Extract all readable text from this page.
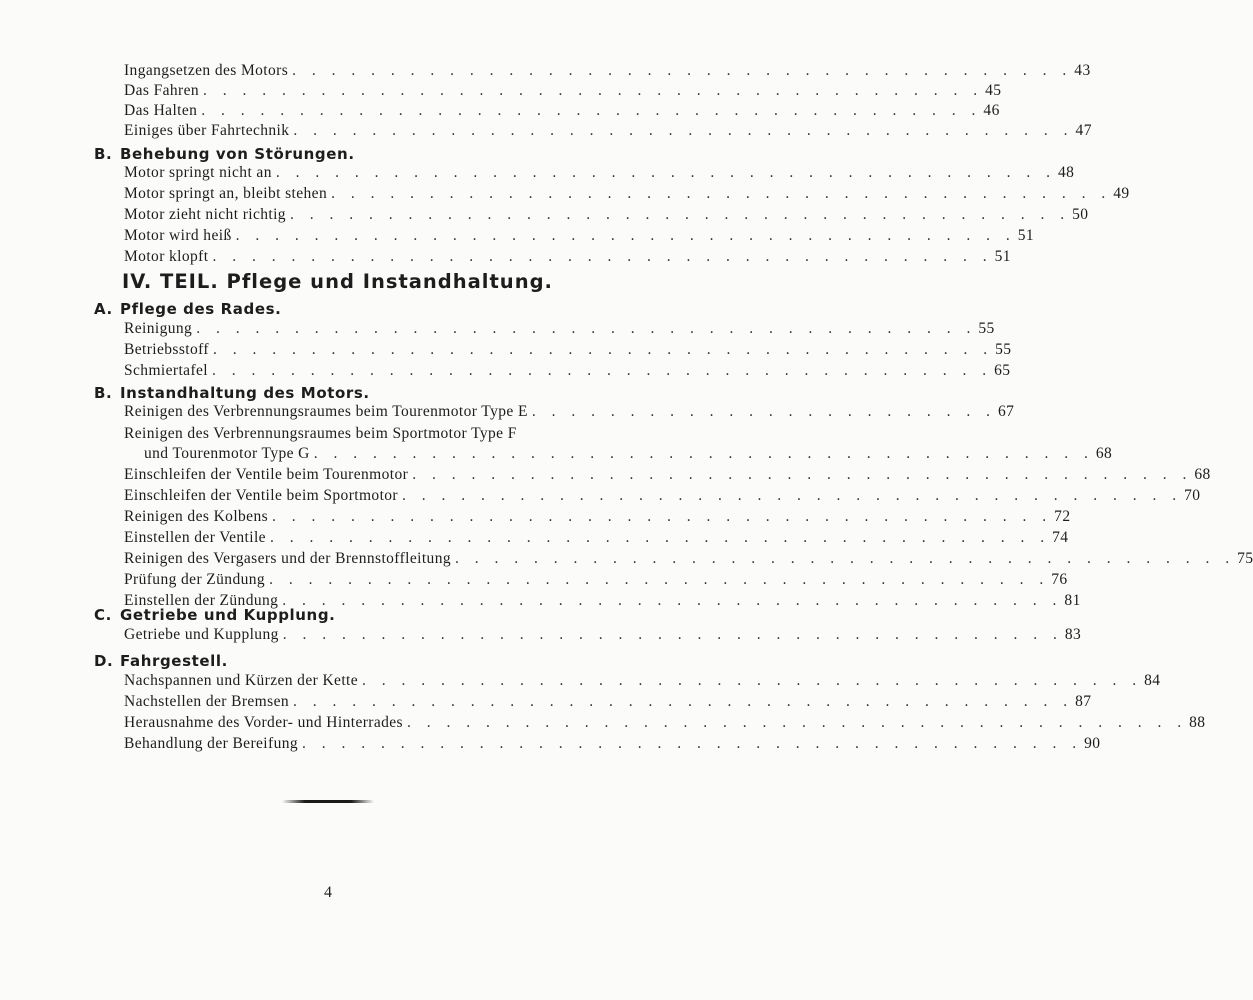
Ingangsetzen des Motors . . . . . . . . . . . . . . . . . . . . . . . . . . . . . . . . . . . . . . . . 43
Das Fahren . . . . . . . . . . . . . . . . . . . . . . . . . . . . . . . . . . . . . . . . 45
Das Halten . . . . . . . . . . . . . . . . . . . . . . . . . . . . . . . . . . . . . . . . 46
Einiges über Fahrtechnik . . . . . . . . . . . . . . . . . . . . . . . . . . . . . . . . . . . . . . . . 47
B. Behebung von Störungen.
Motor springt nicht an . . . . . . . . . . . . . . . . . . . . . . . . . . . . . . . . . . . . . . . . 48
Motor springt an, bleibt stehen . . . . . . . . . . . . . . . . . . . . . . . . . . . . . . . . . . . . . . . . 49
Motor zieht nicht richtig . . . . . . . . . . . . . . . . . . . . . . . . . . . . . . . . . . . . . . . . 50
Motor wird heiß . . . . . . . . . . . . . . . . . . . . . . . . . . . . . . . . . . . . . . . . 51
Motor klopft . . . . . . . . . . . . . . . . . . . . . . . . . . . . . . . . . . . . . . . . 51
IV. TEIL. Pflege und Instandhaltung.
A. Pflege des Rades.
Reinigung . . . . . . . . . . . . . . . . . . . . . . . . . . . . . . . . . . . . . . . . 55
Betriebsstoff . . . . . . . . . . . . . . . . . . . . . . . . . . . . . . . . . . . . . . . . 55
Schmiertafel . . . . . . . . . . . . . . . . . . . . . . . . . . . . . . . . . . . . . . . . 65
B. Instandhaltung des Motors.
Reinigen des Verbrennungsraumes beim Tourenmotor Type E . . . . . . . . . . . . . . . . . . . . . . . . 67
Reinigen des Verbrennungsraumes beim Sportmotor Type F
und Tourenmotor Type G . . . . . . . . . . . . . . . . . . . . . . . . . . . . . . . . . . . . . . . . 68
Einschleifen der Ventile beim Tourenmotor . . . . . . . . . . . . . . . . . . . . . . . . . . . . . . . . . . . . . . . . 68
Einschleifen der Ventile beim Sportmotor . . . . . . . . . . . . . . . . . . . . . . . . . . . . . . . . . . . . . . . . 70
Reinigen des Kolbens . . . . . . . . . . . . . . . . . . . . . . . . . . . . . . . . . . . . . . . . 72
Einstellen der Ventile . . . . . . . . . . . . . . . . . . . . . . . . . . . . . . . . . . . . . . . . 74
Reinigen des Vergasers und der Brennstoffleitung . . . . . . . . . . . . . . . . . . . . . . . . . . . . . . . . . . . . . . . . 75
Prüfung der Zündung . . . . . . . . . . . . . . . . . . . . . . . . . . . . . . . . . . . . . . . . 76
Einstellen der Zündung . . . . . . . . . . . . . . . . . . . . . . . . . . . . . . . . . . . . . . . . 81
C. Getriebe und Kupplung.
Getriebe und Kupplung . . . . . . . . . . . . . . . . . . . . . . . . . . . . . . . . . . . . . . . . 83
D. Fahrgestell.
Nachspannen und Kürzen der Kette . . . . . . . . . . . . . . . . . . . . . . . . . . . . . . . . . . . . . . . . 84
Nachstellen der Bremsen . . . . . . . . . . . . . . . . . . . . . . . . . . . . . . . . . . . . . . . . 87
Herausnahme des Vorder- und Hinterrades . . . . . . . . . . . . . . . . . . . . . . . . . . . . . . . . . . . . . . . . 88
Behandlung der Bereifung . . . . . . . . . . . . . . . . . . . . . . . . . . . . . . . . . . . . . . . . 90
4
